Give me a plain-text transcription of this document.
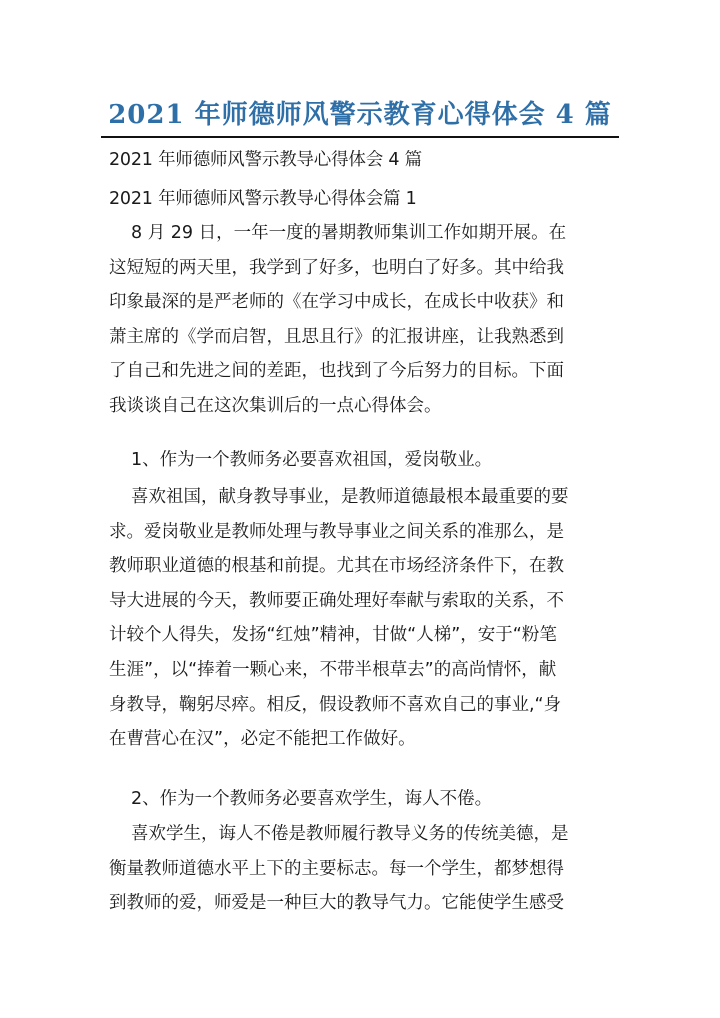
2021 年师德师风警示教育心得体会 4 篇
2021 年师德师风警示教导心得体会 4 篇
2021 年师德师风警示教导心得体会篇 1
8 月 29 日，一年一度的暑期教师集训工作如期开展。在
这短短的两天里，我学到了好多，也明白了好多。其中给我
印象最深的是严老师的《在学习中成长，在成长中收获》和
萧主席的《学而启智，且思且行》的汇报讲座，让我熟悉到
了自己和先进之间的差距，也找到了今后努力的目标。下面
我谈谈自己在这次集训后的一点心得体会。
1、作为一个教师务必要喜欢祖国，爱岗敬业。
喜欢祖国，献身教导事业，是教师道德最根本最重要的要
求。爱岗敬业是教师处理与教导事业之间关系的准那么，是
教师职业道德的根基和前提。尤其在市场经济条件下，在教
导大进展的今天，教师要正确处理好奉献与索取的关系，不
计较个人得失，发扬“红烛”精神，甘做“人梯”，安于“粉笔
生涯”，以“捧着一颗心来，不带半根草去”的高尚情怀，献
身教导，鞠躬尽瘁。相反，假设教师不喜欢自己的事业,“身
在曹营心在汉”，必定不能把工作做好。
2、作为一个教师务必要喜欢学生，诲人不倦。
喜欢学生，诲人不倦是教师履行教导义务的传统美德，是
衡量教师道德水平上下的主要标志。每一个学生，都梦想得
到教师的爱，师爱是一种巨大的教导气力。它能使学生感受
